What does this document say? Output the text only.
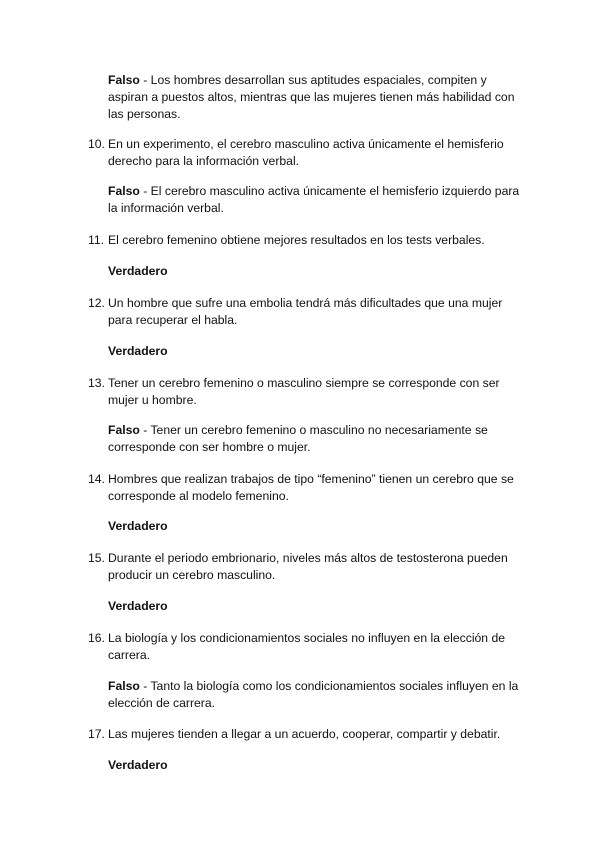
Falso - Los hombres desarrollan sus aptitudes espaciales, compiten y aspiran a puestos altos, mientras que las mujeres tienen más habilidad con las personas.
10. En un experimento, el cerebro masculino activa únicamente el hemisferio derecho para la información verbal.
Falso - El cerebro masculino activa únicamente el hemisferio izquierdo para la información verbal.
11. El cerebro femenino obtiene mejores resultados en los tests verbales.
Verdadero
12. Un hombre que sufre una embolia tendrá más dificultades que una mujer para recuperar el habla.
Verdadero
13. Tener un cerebro femenino o masculino siempre se corresponde con ser mujer u hombre.
Falso - Tener un cerebro femenino o masculino no necesariamente se corresponde con ser hombre o mujer.
14. Hombres que realizan trabajos de tipo “femenino” tienen un cerebro que se corresponde al modelo femenino.
Verdadero
15. Durante el periodo embrionario, niveles más altos de testosterona pueden producir un cerebro masculino.
Verdadero
16. La biología y los condicionamientos sociales no influyen en la elección de carrera.
Falso - Tanto la biología como los condicionamientos sociales influyen en la elección de carrera.
17. Las mujeres tienden a llegar a un acuerdo, cooperar, compartir y debatir.
Verdadero
